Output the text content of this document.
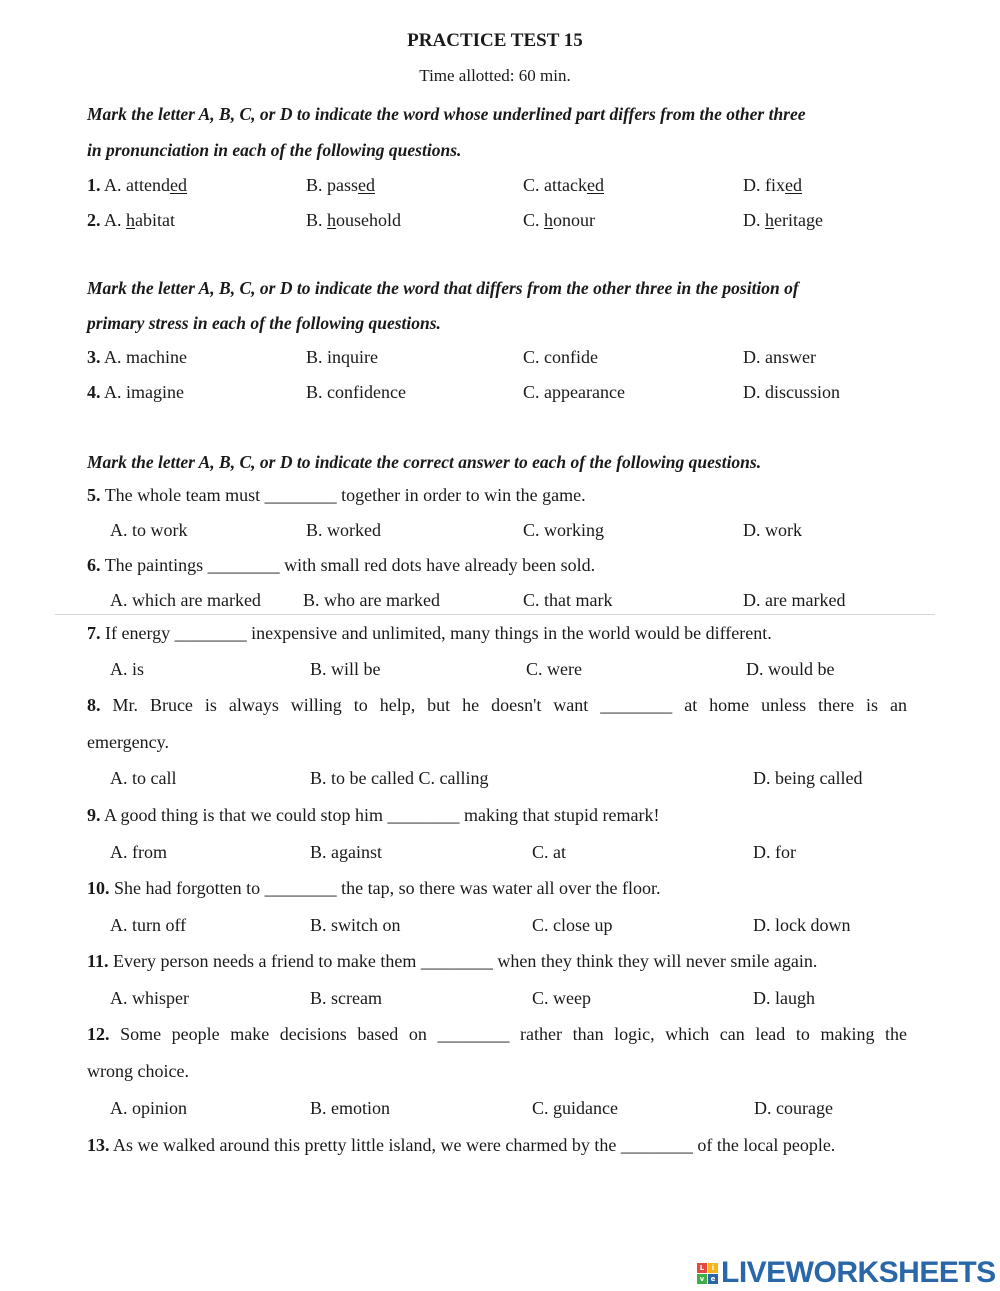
PRACTICE TEST 15
Time allotted: 60 min.
Mark the letter A, B, C, or D to indicate the word whose underlined part differs from the other three
in pronunciation in each of the following questions.
1. A. attended	B. passed	C. attacked	D. fixed
2. A. habitat	B. household	C. honour	D. heritage
Mark the letter A, B, C, or D to indicate the word that differs from the other three in the position of
primary stress in each of the following questions.
3. A. machine	B. inquire	C. confide	D. answer
4. A. imagine	B. confidence	C. appearance	D. discussion
Mark the letter A, B, C, or D to indicate the correct answer to each of the following questions.
5. The whole team must ________ together in order to win the game.
A. to work	B. worked	C. working	D. work
6. The paintings ________ with small red dots have already been sold.
A. which are marked B. who are marked	C. that mark	D. are marked
7. If energy ________ inexpensive and unlimited, many things in the world would be different.
A. is	B. will be	C. were	D. would be
8. Mr. Bruce is always willing to help, but he doesn't want ________ at home unless there is an
emergency.
A. to call	B. to be called C. calling	D. being called
9. A good thing is that we could stop him ________ making that stupid remark!
A. from	B. against	C. at	D. for
10. She had forgotten to ________ the tap, so there was water all over the floor.
A. turn off	B. switch on	C. close up	D. lock down
11. Every person needs a friend to make them ________ when they think they will never smile again.
A. whisper	B. scream	C. weep	D. laugh
12. Some people make decisions based on ________ rather than logic, which can lead to making the
wrong choice.
A. opinion	B. emotion	C. guidance	D. courage
13. As we walked around this pretty little island, we were charmed by the ________ of the local people.
L	i
v e LIVEWORKSHEETS
